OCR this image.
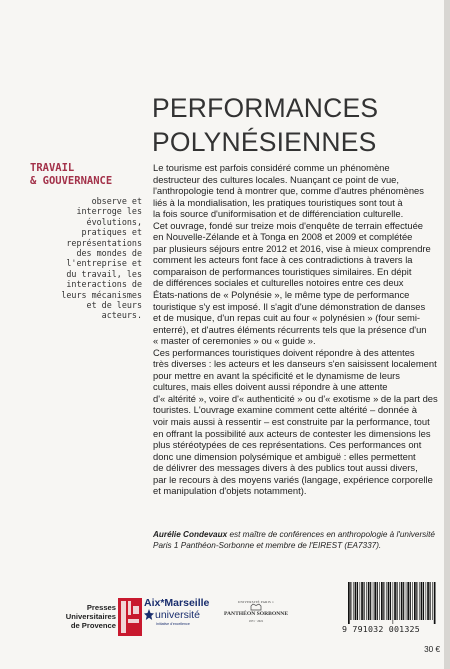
PERFORMANCES
POLYNÉSIENNES
TRAVAIL
& GOUVERNANCE
observe et
interroge les
évolutions,
pratiques et
représentations
des mondes de
l'entreprise et
du travail, les
interactions de
leurs mécanismes
et de leurs
acteurs.
Le tourisme est parfois considéré comme un phénomène
destructeur des cultures locales. Nuançant ce point de vue,
l'anthropologie tend à montrer que, comme d'autres phénomènes
liés à la mondialisation, les pratiques touristiques sont tout à
la fois source d'uniformisation et de différenciation culturelle.
Cet ouvrage, fondé sur treize mois d'enquête de terrain effectuée
en Nouvelle-Zélande et à Tonga en 2008 et 2009 et complétée
par plusieurs séjours entre 2012 et 2016, vise à mieux comprendre
comment les acteurs font face à ces contradictions à travers la
comparaison de performances touristiques similaires. En dépit
de différences sociales et culturelles notoires entre ces deux
États-nations de « Polynésie », le même type de performance
touristique s'y est imposé. Il s'agit d'une démonstration de danses
et de musique, d'un repas cuit au four « polynésien » (four semi-
enterré), et d'autres éléments récurrents tels que la présence d'un
« master of ceremonies » ou « guide ».
Ces performances touristiques doivent répondre à des attentes
très diverses : les acteurs et les danseurs s'en saisissent localement
pour mettre en avant la spécificité et le dynamisme de leurs
cultures, mais elles doivent aussi répondre à une attente
d'« altérité », voire d'« authenticité » ou d'« exotisme » de la part des
touristes. L'ouvrage examine comment cette altérité – donnée à
voir mais aussi à ressentir – est construite par la performance, tout
en offrant la possibilité aux acteurs de contester les dimensions les
plus stéréotypées de ces représentations. Ces performances ont
donc une dimension polysémique et ambiguë : elles permettent
de délivrer des messages divers à des publics tout aussi divers,
par le recours à des moyens variés (langage, expérience corporelle
et manipulation d'objets notamment).
Aurélie Condevaux est maître de conférences en anthropologie à l'université
Paris 1 Panthéon-Sorbonne et membre de l'EIREST (EA7337).
Presses
Universitaires
de Provence
Aix*Marseille
université
Initiative d'excellence
UNIVERSITÉ PARIS 1
PANTHÉON SORBONNE
1971 · 2021
9 791032 001325
30 €
